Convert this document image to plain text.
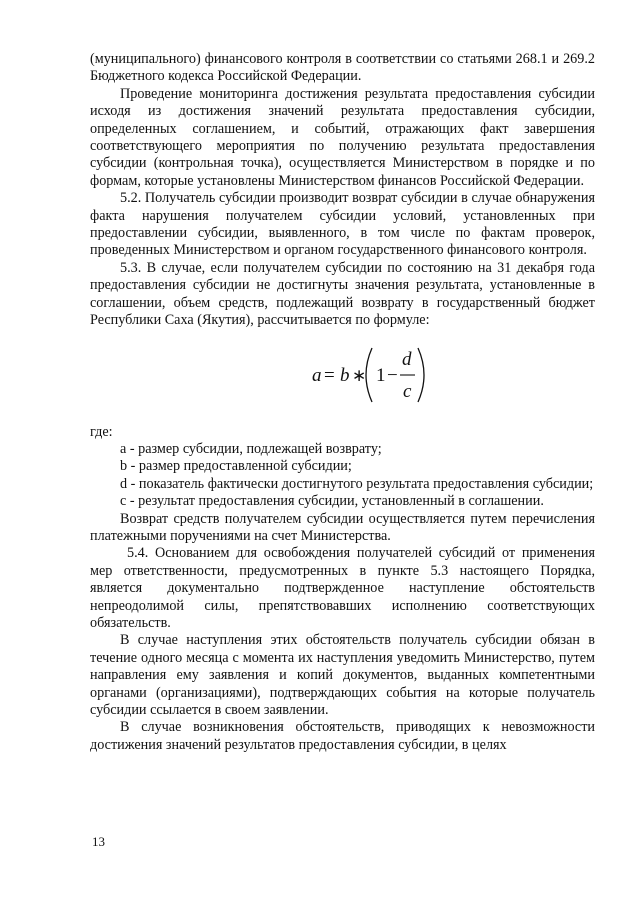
(муниципального) финансового контроля в соответствии со статьями 268.1 и 269.2 Бюджетного кодекса Российской Федерации.

Проведение мониторинга достижения результата предоставления субсидии исходя из достижения значений результата предоставления субсидии, определенных соглашением, и событий, отражающих факт завершения соответствующего мероприятия по получению результата предоставления субсидии (контрольная точка), осуществляется Министерством в порядке и по формам, которые установлены Министерством финансов Российской Федерации.

5.2. Получатель субсидии производит возврат субсидии в случае обнаружения факта нарушения получателем субсидии условий, установленных при предоставлении субсидии, выявленного, в том числе по фактам проверок, проведенных Министерством и органом государственного финансового контроля.

5.3. В случае, если получателем субсидии по состоянию на 31 декабря года предоставления субсидии не достигнуты значения результата, установленные в соглашении, объем средств, подлежащий возврату в государственный бюджет Республики Саха (Якутия), рассчитывается по формуле:

a = b ∗ 1 −
d
c

где:

а - размер субсидии, подлежащей возврату;

b - размер предоставленной субсидии;

d - показатель фактически достигнутого результата предоставления субсидии;

с - результат предоставления субсидии, установленный в соглашении.

Возврат средств получателем субсидии осуществляется путем перечисления платежными поручениями на счет Министерства.

5.4. Основанием для освобождения получателей субсидий от применения мер ответственности, предусмотренных в пункте 5.3 настоящего Порядка, является документально подтвержденное наступление обстоятельств непреодолимой силы, препятствовавших исполнению соответствующих обязательств.

В случае наступления этих обстоятельств получатель субсидии обязан в течение одного месяца с момента их наступления уведомить Министерство, путем направления ему заявления и копий документов, выданных компетентными органами (организациями), подтверждающих события на которые получатель субсидии ссылается в своем заявлении.

В случае возникновения обстоятельств, приводящих к невозможности достижения значений результатов предоставления субсидии, в целях

13
